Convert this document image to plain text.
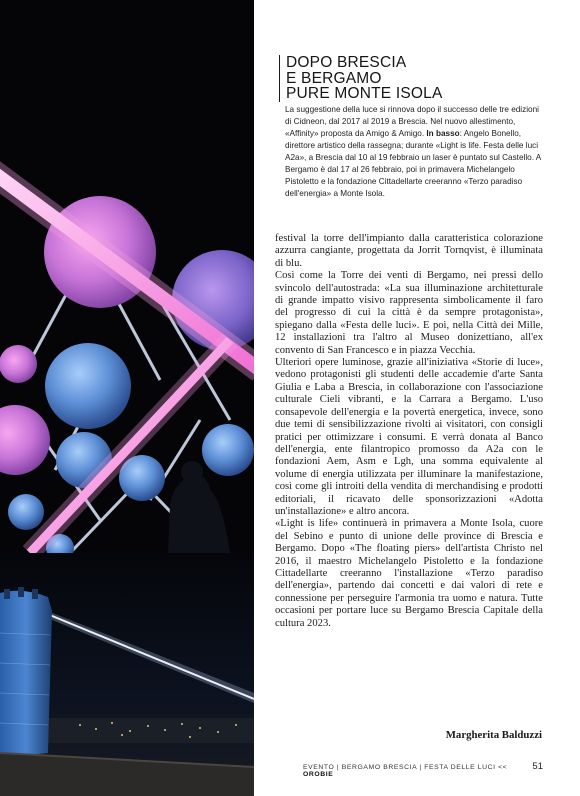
DOPO BRESCIA
E BERGAMO
PURE MONTE ISOLA

La suggestione della luce si rinnova dopo il successo delle tre edizioni di Cidneon, dal 2017 al 2019 a Brescia. Nel nuovo allestimento, «Affinity» proposta da Amigo & Amigo. In basso: Angelo Bonello, direttore artistico della rassegna; durante «Light is life. Festa delle luci A2a», a Brescia dal 10 al 19 febbraio un laser è puntato sul Castello. A Bergamo è dal 17 al 26 febbraio, poi in primavera Michelangelo Pistoletto e la fondazione Cittadellarte creeranno «Terzo paradiso dell'energia» a Monte Isola.

festival la torre dell'impianto dalla caratteristica colorazione azzurra cangiante, progettata da Jorrit Tornqvist, è illuminata di blu.

Così come la Torre dei venti di Bergamo, nei pressi dello svincolo dell'autostrada: «La sua illuminazione architetturale di grande impatto visivo rappresenta simbolicamente il faro del progresso di cui la città è da sempre protagonista», spiegano dalla «Festa delle luci». E poi, nella Città dei Mille, 12 installazioni tra l'altro al Museo donizettiano, all'ex convento di San Francesco e in piazza Vecchia.

Ulteriori opere luminose, grazie all'iniziativa «Storie di luce», vedono protagonisti gli studenti delle accademie d'arte Santa Giulia e Laba a Brescia, in collaborazione con l'associazione culturale Cieli vibranti, e la Carrara a Bergamo. L'uso consapevole dell'energia e la povertà energetica, invece, sono due temi di sensibilizzazione rivolti ai visitatori, con consigli pratici per ottimizzare i consumi. E verrà donata al Banco dell'energia, ente filantropico promosso da A2a con le fondazioni Aem, Asm e Lgh, una somma equivalente al volume di energia utilizzata per illuminare la manifestazione, così come gli introiti della vendita di merchandising e prodotti editoriali, il ricavato delle sponsorizzazioni «Adotta un'installazione» e altro ancora.

«Light is life» continuerà in primavera a Monte Isola, cuore del Sebino e punto di unione delle province di Brescia e Bergamo. Dopo «The floating piers» dell'artista Christo nel 2016, il maestro Michelangelo Pistoletto e la fondazione Cittadellarte creeranno l'installazione «Terzo paradiso dell'energia», partendo dai concetti e dai valori di rete e connessione per perseguire l'armonia tra uomo e natura. Tutte occasioni per portare luce su Bergamo Brescia Capitale della cultura 2023.

Margherita Balduzzi
EVENTO | BERGAMO BRESCIA | FESTA DELLE LUCI << OROBIE
51
